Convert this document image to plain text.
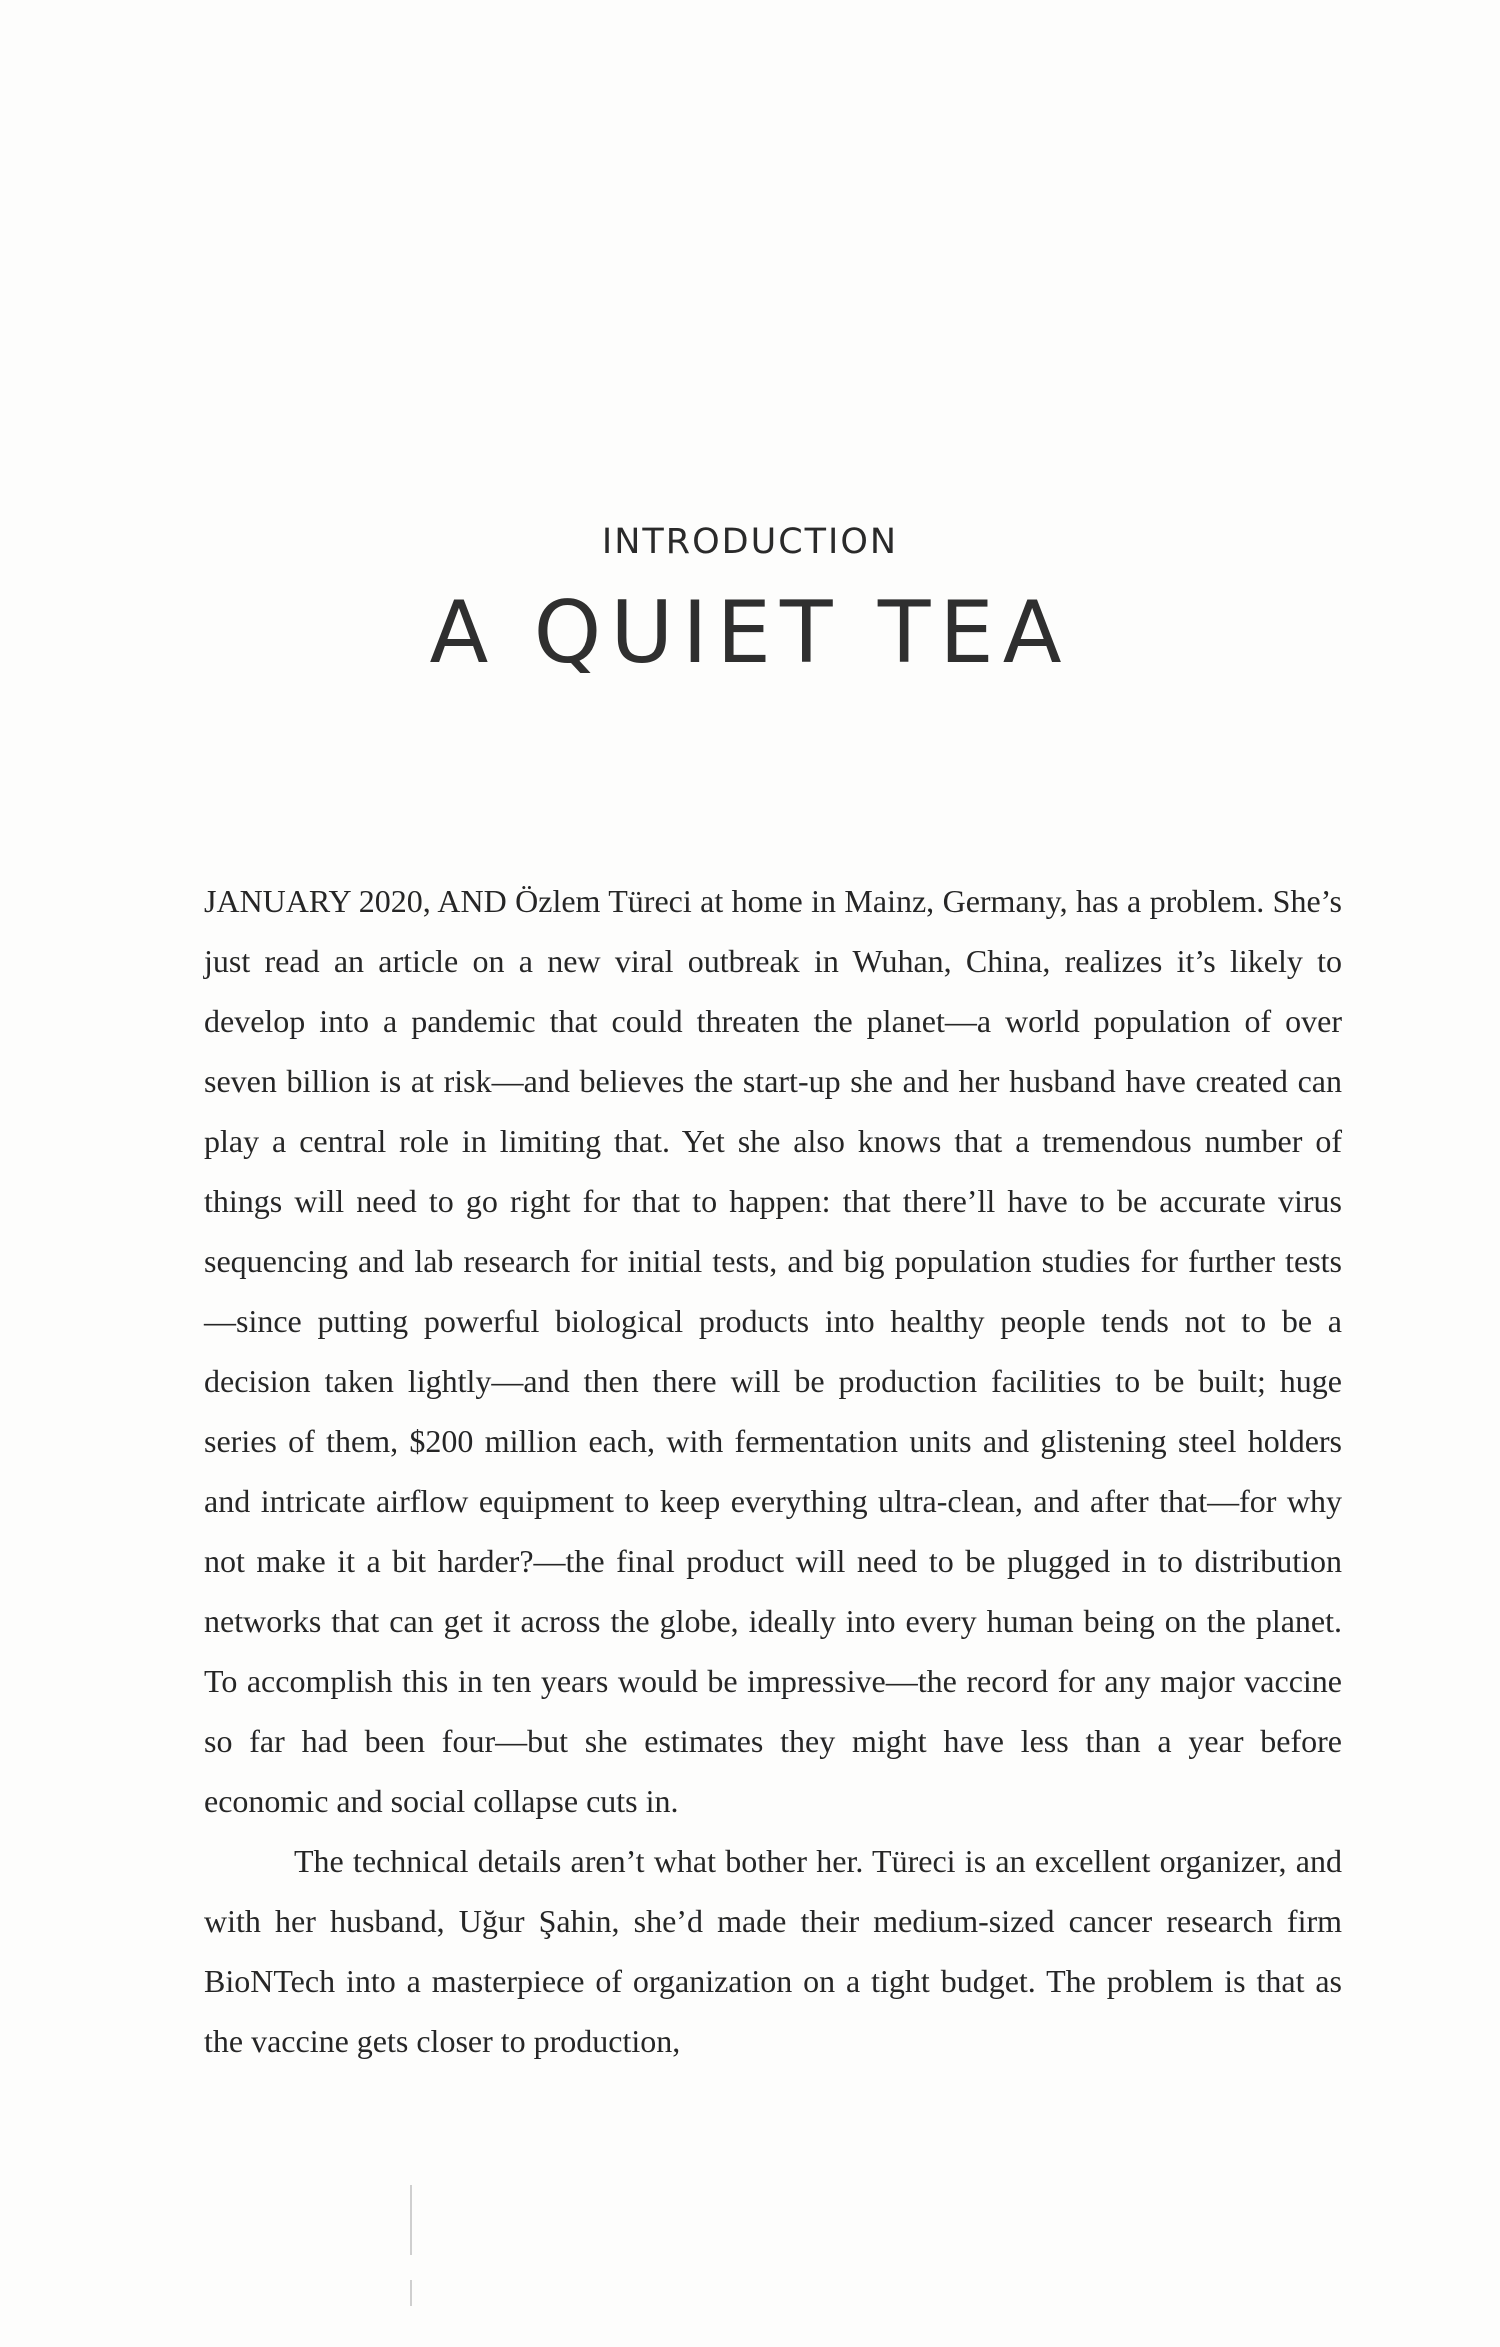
INTRODUCTION
A QUIET TEA

JANUARY 2020, AND Özlem Türeci at home in Mainz, Germany, has a problem. She’s just read an article on a new viral outbreak in Wuhan, China, realizes it’s likely to develop into a pandemic that could threaten the planet—a world population of over seven billion is at risk—and believes the start-up she and her husband have created can play a central role in limiting that. Yet she also knows that a tremendous number of things will need to go right for that to happen: that there’ll have to be accurate virus sequencing and lab research for initial tests, and big population studies for further tests—since putting powerful biological products into healthy people tends not to be a decision taken lightly—and then there will be production facilities to be built; huge series of them, $200 million each, with fermentation units and glistening steel holders and intricate airflow equipment to keep everything ultra-clean, and after that—for why not make it a bit harder?—the final product will need to be plugged in to distribution networks that can get it across the globe, ideally into every human being on the planet. To accomplish this in ten years would be impressive—the record for any major vaccine so far had been four—but she estimates they might have less than a year before economic and social collapse cuts in.

The technical details aren’t what bother her. Türeci is an excellent organizer, and with her husband, Uğur Şahin, she’d made their medium-sized cancer research firm BioNTech into a masterpiece of organization on a tight budget. The problem is that as the vaccine gets closer to production,
